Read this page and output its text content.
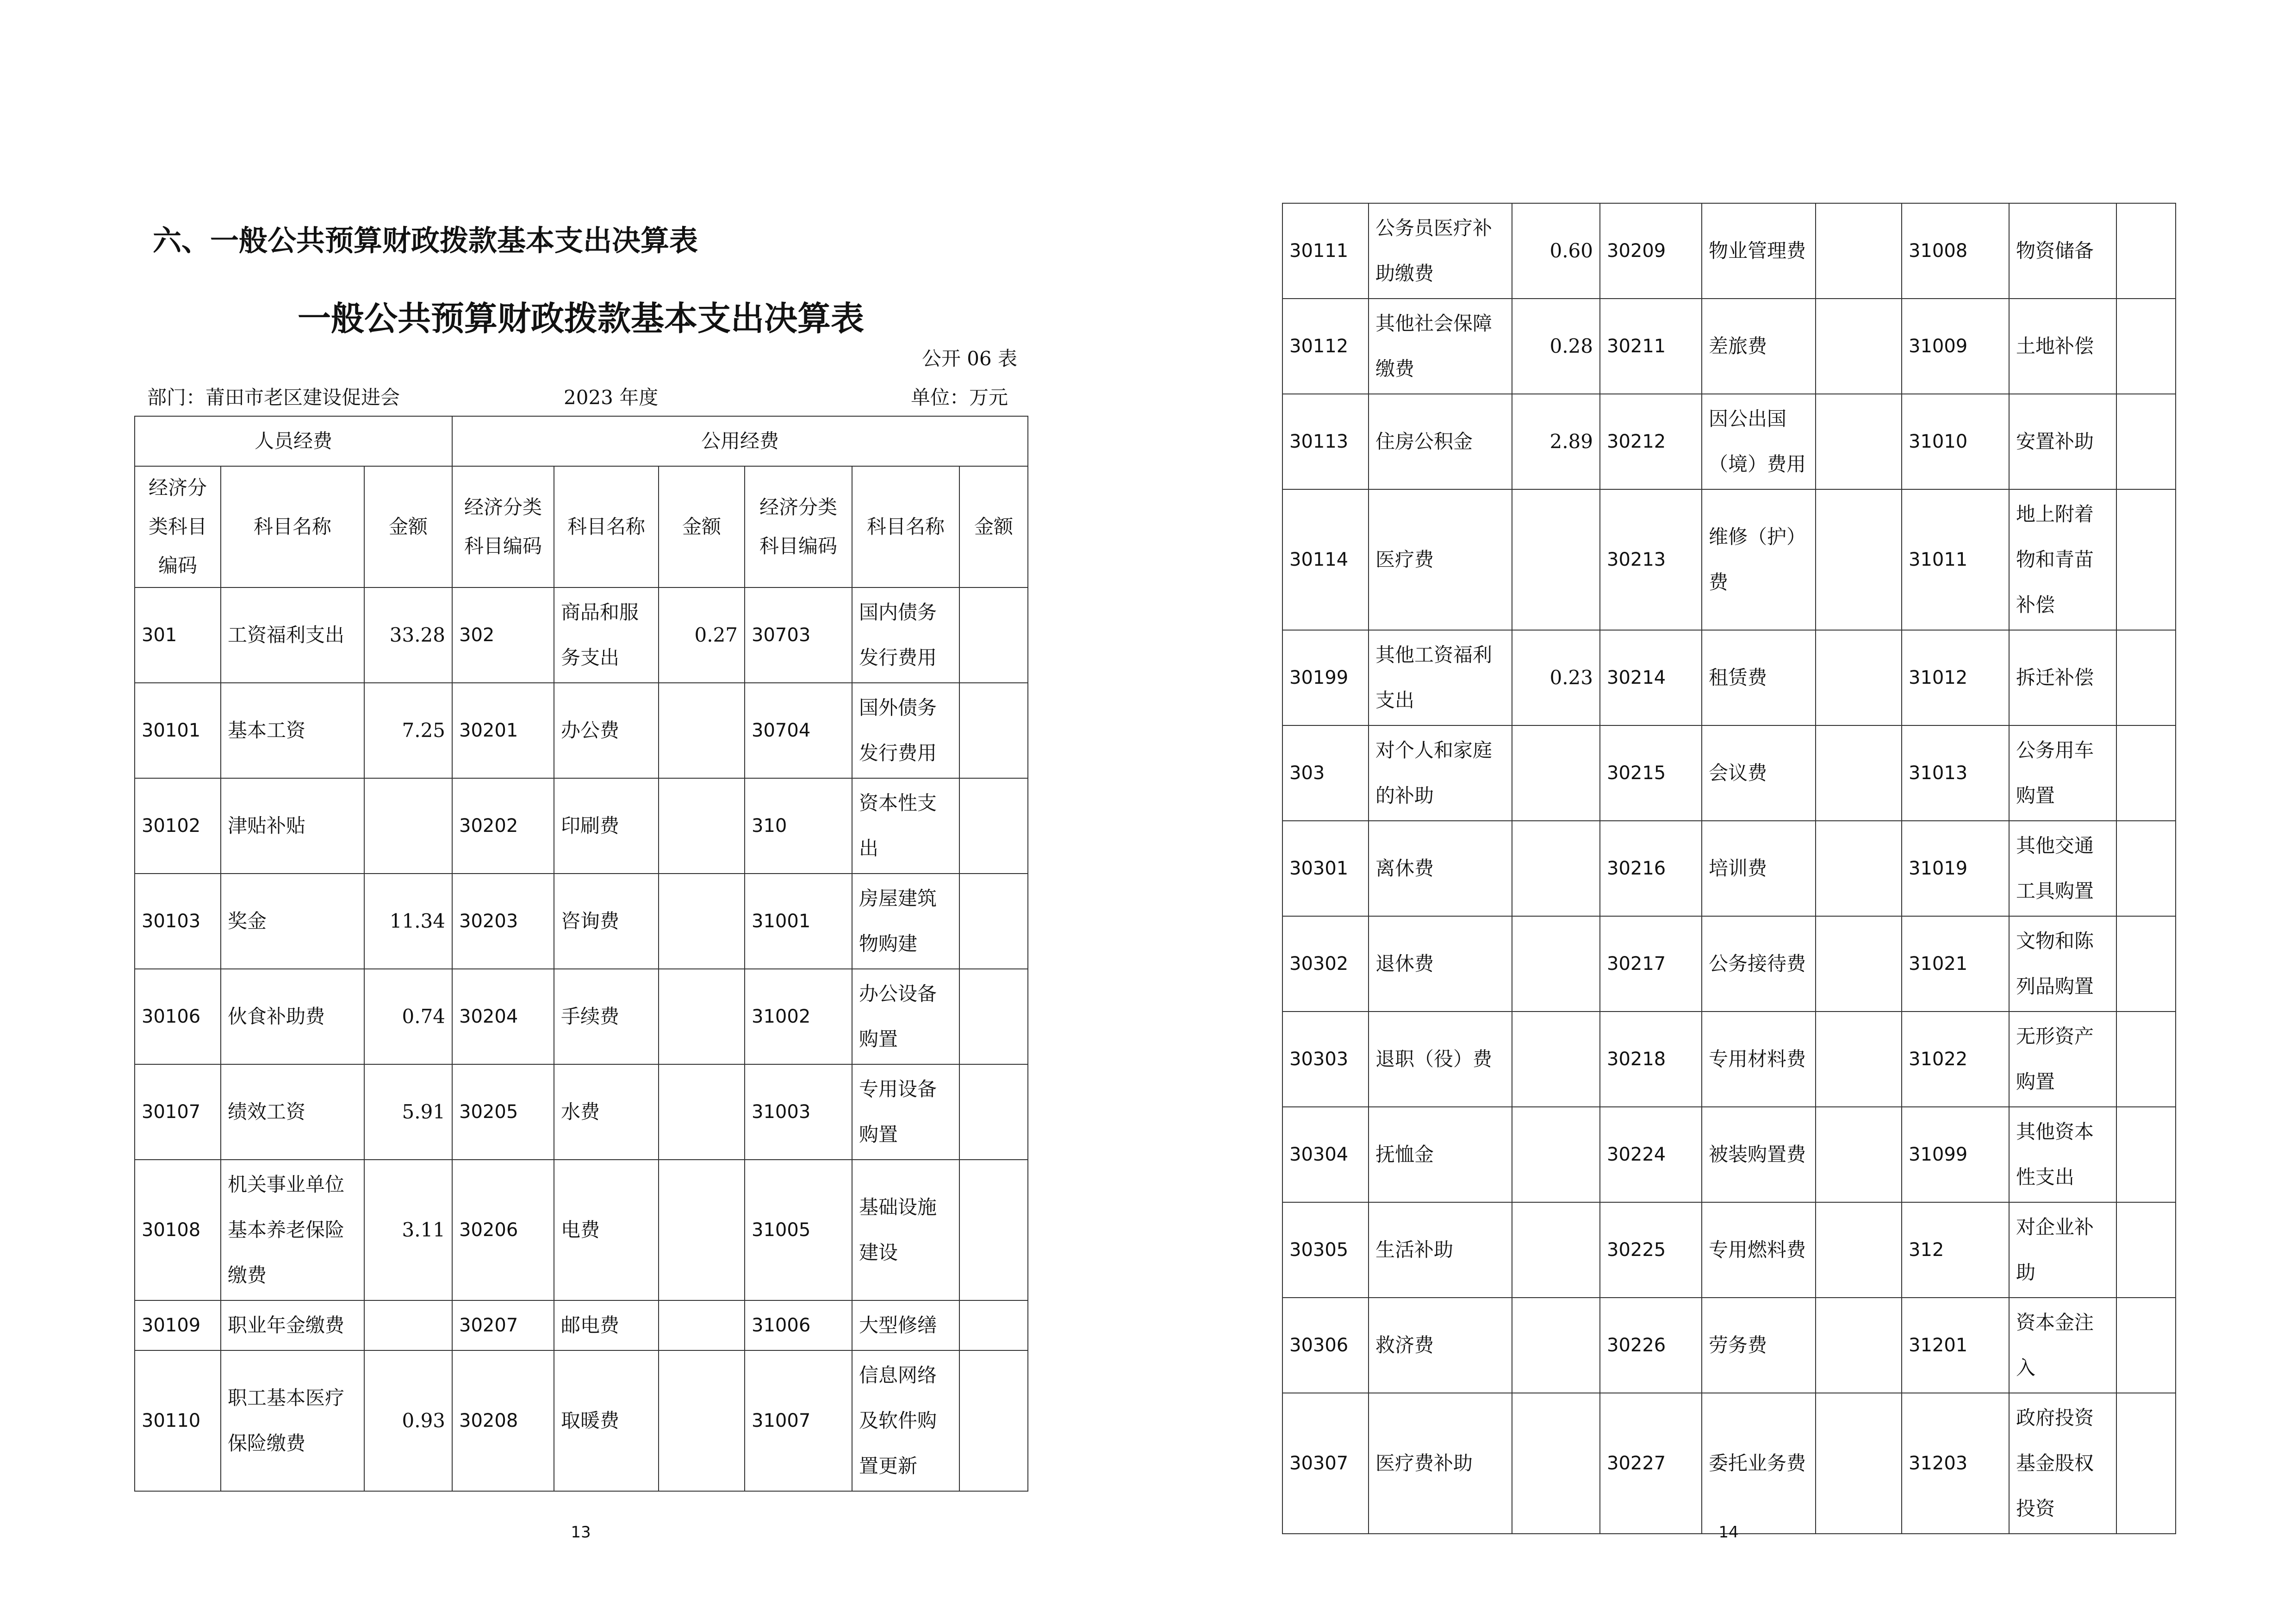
六、一般公共预算财政拨款基本支出决算表
一般公共预算财政拨款基本支出决算表
公开 06 表
部门：莆田市老区建设促进会	2023 年度	单位：万元
人员经费			公用经费					
经济分类科目编码	科目名称	金额	经济分类科目编码	科目名称	金额	经济分类科目编码	科目名称	金额
301	工资福利支出	33.28	302	商品和服务支出	0.27	30703	国内债务发行费用	
30101	基本工资	7.25	30201	办公费		30704	国外债务发行费用	
30102	津贴补贴		30202	印刷费		310	资本性支出	
30103	奖金	11.34	30203	咨询费		31001	房屋建筑物购建	
30106	伙食补助费	0.74	30204	手续费		31002	办公设备购置	
30107	绩效工资	5.91	30205	水费		31003	专用设备购置	
30108	机关事业单位基本养老保险缴费	3.11	30206	电费		31005	基础设施建设	
30109	职业年金缴费		30207	邮电费		31006	大型修缮	
30110	职工基本医疗保险缴费	0.93	30208	取暖费		31007	信息网络及软件购置更新	
13
30111	公务员医疗补助缴费	0.60	30209	物业管理费		31008	物资储备	
30112	其他社会保障缴费	0.28	30211	差旅费		31009	土地补偿	
30113	住房公积金	2.89	30212	因公出国（境）费用		31010	安置补助	
30114	医疗费		30213	维修（护）费		31011	地上附着物和青苗补偿	
30199	其他工资福利支出	0.23	30214	租赁费		31012	拆迁补偿	
303	对个人和家庭的补助		30215	会议费		31013	公务用车购置	
30301	离休费		30216	培训费		31019	其他交通工具购置	
30302	退休费		30217	公务接待费		31021	文物和陈列品购置	
30303	退职（役）费		30218	专用材料费		31022	无形资产购置	
30304	抚恤金		30224	被装购置费		31099	其他资本性支出	
30305	生活补助		30225	专用燃料费		312	对企业补助	
30306	救济费		30226	劳务费		31201	资本金注入	
30307	医疗费补助		30227	委托业务费		31203	政府投资基金股权投资	
14
